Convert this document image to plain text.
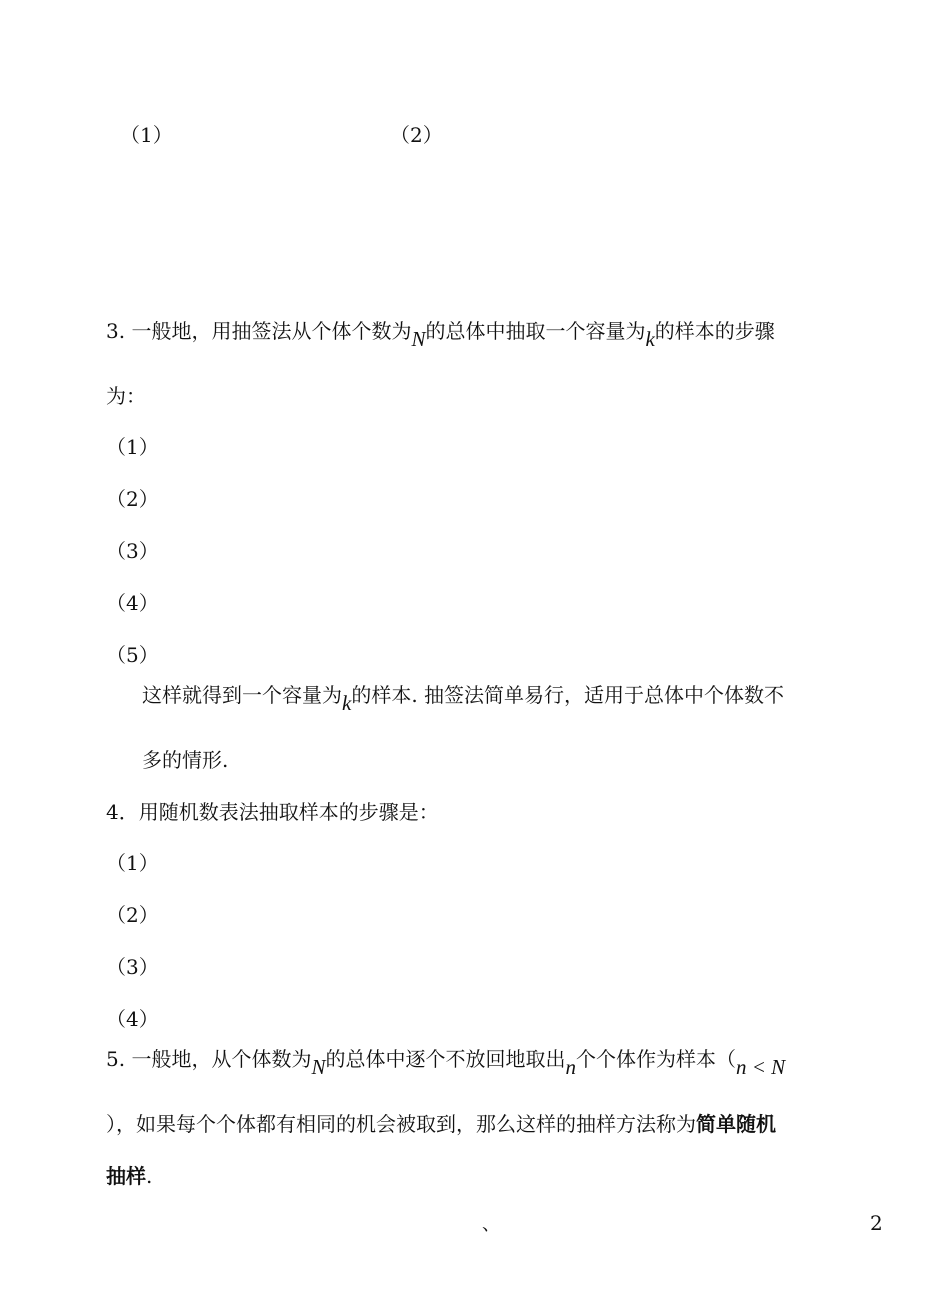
（1）	（2）
3. 一般地，用抽签法从个体个数为N的总体中抽取一个容量为k的样本的步骤
为：
（1）
（2）
（3）
（4）
（5）
这样就得到一个容量为k的样本. 抽签法简单易行，适用于总体中个体数不
多的情形.
4．用随机数表法抽取样本的步骤是：
（1）
（2）
（3）
（4）
5. 一般地，从个体数为N的总体中逐个不放回地取出n个个体作为样本（n < N
），如果每个个体都有相同的机会被取到，那么这样的抽样方法称为简单随机
抽样.
、	2
